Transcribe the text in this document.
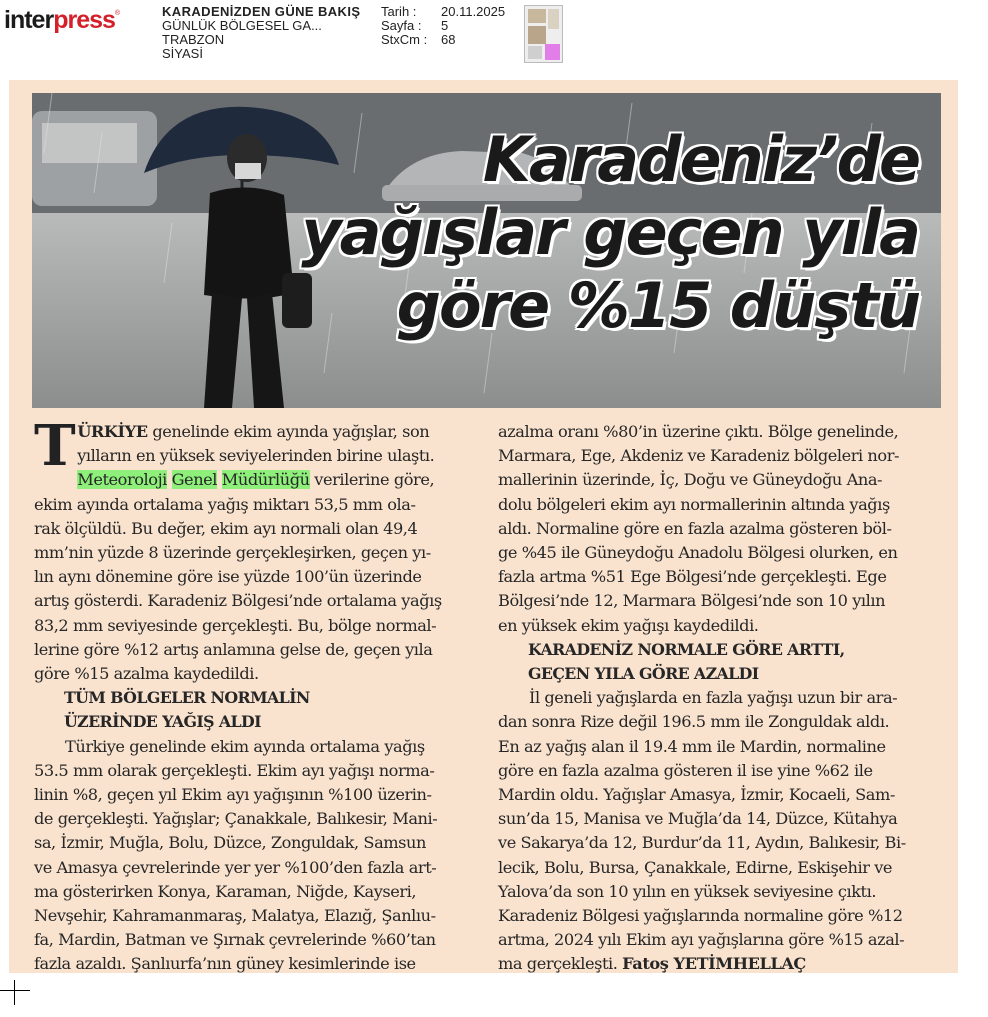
interpress®	KARADENİZDEN GÜNE BAKIŞ
GÜNLÜK BÖLGESEL GA...
TRABZON
SİYASİ
Tarih : 20.11.2025
Sayfa : 5
StxCm : 68
Karadeniz’de
yağışlar geçen yıla
göre %15 düştü
T ÜRKİYE genelinde ekim ayında yağışlar, son
yılların en yüksek seviyelerinden birine ulaştı.
Meteoroloji Genel Müdürlüğü verilerine göre,
ekim ayında ortalama yağış miktarı 53,5 mm ola-
rak ölçüldü. Bu değer, ekim ayı normali olan 49,4
mm’nin yüzde 8 üzerinde gerçekleşirken, geçen yı-
lın aynı dönemine göre ise yüzde 100’ün üzerinde
artış gösterdi. Karadeniz Bölgesi’nde ortalama yağış
83,2 mm seviyesinde gerçekleşti. Bu, bölge normal-
lerine göre %12 artış anlamına gelse de, geçen yıla
göre %15 azalma kaydedildi.
TÜM BÖLGELER NORMALİN
ÜZERİNDE YAĞIŞ ALDI
Türkiye genelinde ekim ayında ortalama yağış
53.5 mm olarak gerçekleşti. Ekim ayı yağışı norma-
linin %8, geçen yıl Ekim ayı yağışının %100 üzerin-
de gerçekleşti. Yağışlar; Çanakkale, Balıkesir, Mani-
sa, İzmir, Muğla, Bolu, Düzce, Zonguldak, Samsun
ve Amasya çevrelerinde yer yer %100’den fazla art-
ma gösterirken Konya, Karaman, Niğde, Kayseri,
Nevşehir, Kahramanmaraş, Malatya, Elazığ, Şanlıu-
fa, Mardin, Batman ve Şırnak çevrelerinde %60’tan
fazla azaldı. Şanlıurfa’nın güney kesimlerinde ise
azalma oranı %80’in üzerine çıktı. Bölge genelinde,
Marmara, Ege, Akdeniz ve Karadeniz bölgeleri nor-
mallerinin üzerinde, İç, Doğu ve Güneydoğu Ana-
dolu bölgeleri ekim ayı normallerinin altında yağış
aldı. Normaline göre en fazla azalma gösteren böl-
ge %45 ile Güneydoğu Anadolu Bölgesi olurken, en
fazla artma %51 Ege Bölgesi’nde gerçekleşti. Ege
Bölgesi’nde 12, Marmara Bölgesi’nde son 10 yılın
en yüksek ekim yağışı kaydedildi.
KARADENİZ NORMALE GÖRE ARTTI,
GEÇEN YILA GÖRE AZALDI
İl geneli yağışlarda en fazla yağışı uzun bir ara-
dan sonra Rize değil 196.5 mm ile Zonguldak aldı.
En az yağış alan il 19.4 mm ile Mardin, normaline
göre en fazla azalma gösteren il ise yine %62 ile
Mardin oldu. Yağışlar Amasya, İzmir, Kocaeli, Sam-
sun’da 15, Manisa ve Muğla’da 14, Düzce, Kütahya
ve Sakarya’da 12, Burdur’da 11, Aydın, Balıkesir, Bi-
lecik, Bolu, Bursa, Çanakkale, Edirne, Eskişehir ve
Yalova’da son 10 yılın en yüksek seviyesine çıktı.
Karadeniz Bölgesi yağışlarında normaline göre %12
artma, 2024 yılı Ekim ayı yağışlarına göre %15 azal-
ma gerçekleşti. Fatoş YETİMHELLAÇ
